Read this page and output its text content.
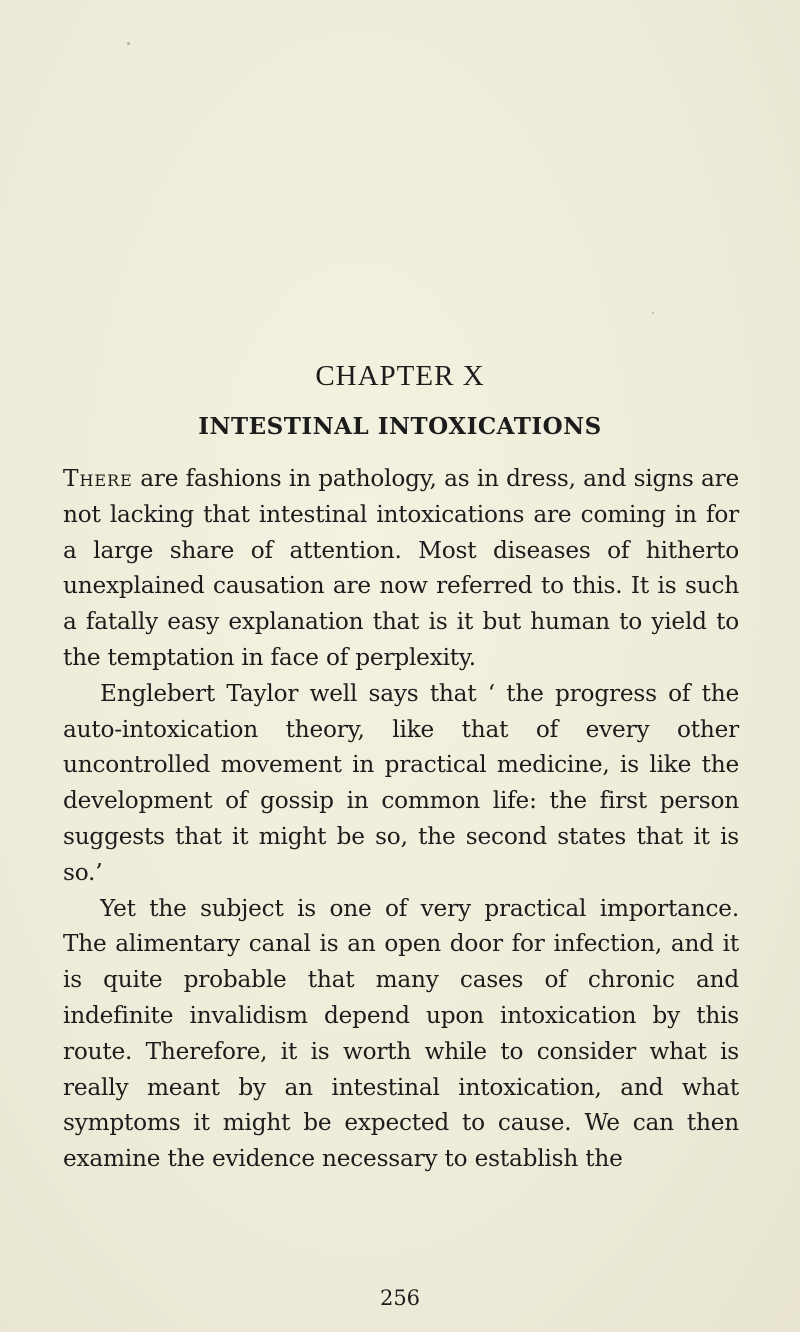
CHAPTER X
INTESTINAL INTOXICATIONS

There are fashions in pathology, as in dress, and signs are not lacking that intestinal intoxications are coming in for a large share of attention. Most diseases of hitherto unexplained causation are now referred to this. It is such a fatally easy explanation that is it but human to yield to the temptation in face of perplexity.

Englebert Taylor well says that ‘ the progress of the auto-intoxication theory, like that of every other uncontrolled movement in practical medicine, is like the development of gossip in common life: the first person suggests that it might be so, the second states that it is so.’

Yet the subject is one of very practical importance. The alimentary canal is an open door for infection, and it is quite probable that many cases of chronic and indefinite invalidism depend upon intoxication by this route. Therefore, it is worth while to consider what is really meant by an intestinal intoxication, and what symptoms it might be expected to cause. We can then examine the evidence necessary to establish the

256
